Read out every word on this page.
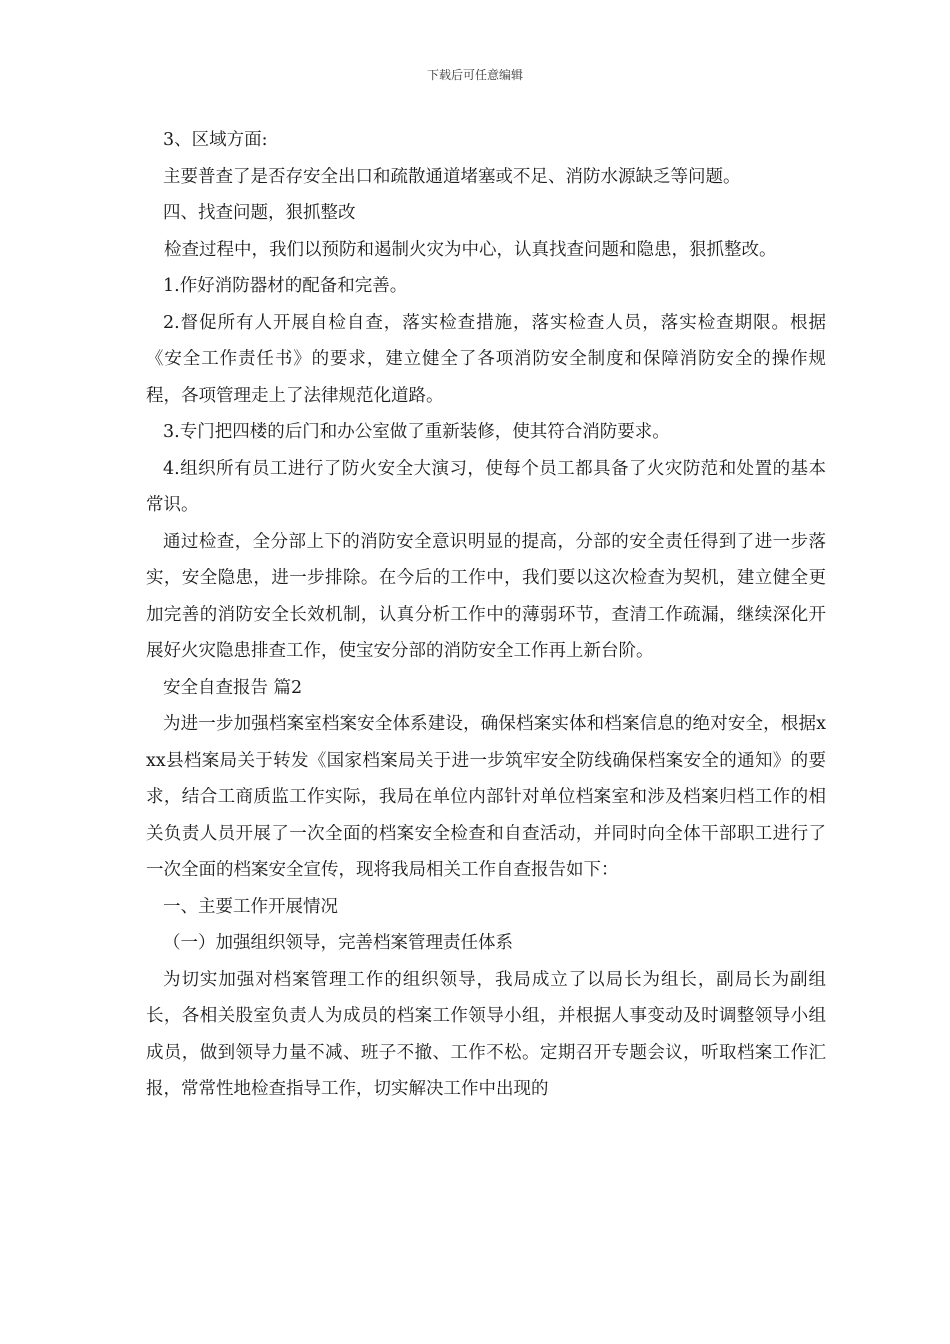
下载后可任意编辑

3、区域方面:

主要普查了是否存安全出口和疏散通道堵塞或不足、消防水源缺乏等问题。

四、找查问题，狠抓整改

检查过程中，我们以预防和遏制火灾为中心，认真找查问题和隐患，狠抓整改。

1.作好消防器材的配备和完善。

2.督促所有人开展自检自查，落实检查措施，落实检查人员，落实检查期限。根据《安全工作责任书》的要求，建立健全了各项消防安全制度和保障消防安全的操作规程，各项管理走上了法律规范化道路。

3.专门把四楼的后门和办公室做了重新装修，使其符合消防要求。

4.组织所有员工进行了防火安全大演习，使每个员工都具备了火灾防范和处置的基本常识。

通过检查，全分部上下的消防安全意识明显的提高，分部的安全责任得到了进一步落实，安全隐患，进一步排除。在今后的工作中，我们要以这次检查为契机，建立健全更加完善的消防安全长效机制，认真分析工作中的薄弱环节，查清工作疏漏，继续深化开展好火灾隐患排查工作，使宝安分部的消防安全工作再上新台阶。

安全自查报告 篇2

为进一步加强档案室档案安全体系建设，确保档案实体和档案信息的绝对安全，根据xxx县档案局关于转发《国家档案局关于进一步筑牢安全防线确保档案安全的通知》的要求，结合工商质监工作实际，我局在单位内部针对单位档案室和涉及档案归档工作的相关负责人员开展了一次全面的档案安全检查和自查活动，并同时向全体干部职工进行了一次全面的档案安全宣传，现将我局相关工作自查报告如下：

一、主要工作开展情况

（一）加强组织领导，完善档案管理责任体系

为切实加强对档案管理工作的组织领导，我局成立了以局长为组长，副局长为副组长，各相关股室负责人为成员的档案工作领导小组，并根据人事变动及时调整领导小组成员，做到领导力量不减、班子不撤、工作不松。定期召开专题会议，听取档案工作汇报，常常性地检查指导工作，切实解决工作中出现的
